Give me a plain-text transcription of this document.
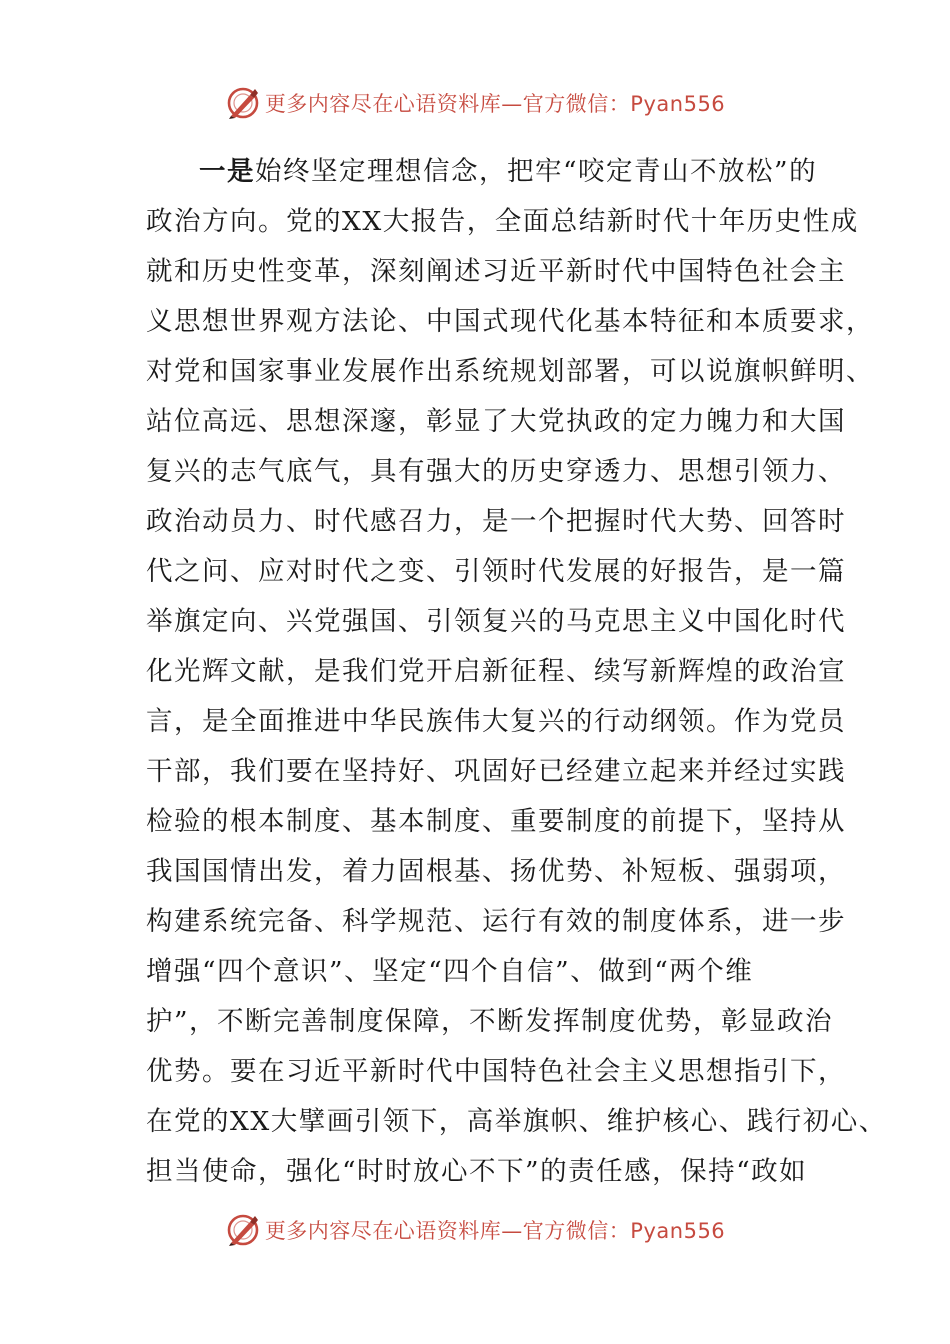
更多内容尽在心语资料库—官方微信：Pyan556
一是始终坚定理想信念，把牢“咬定青山不放松”的
政治方向。党的XX大报告，全面总结新时代十年历史性成
就和历史性变革，深刻阐述习近平新时代中国特色社会主
义思想世界观方法论、中国式现代化基本特征和本质要求，
对党和国家事业发展作出系统规划部署，可以说旗帜鲜明、
站位高远、思想深邃，彰显了大党执政的定力魄力和大国
复兴的志气底气，具有强大的历史穿透力、思想引领力、
政治动员力、时代感召力，是一个把握时代大势、回答时
代之问、应对时代之变、引领时代发展的好报告，是一篇
举旗定向、兴党强国、引领复兴的马克思主义中国化时代
化光辉文献，是我们党开启新征程、续写新辉煌的政治宣
言，是全面推进中华民族伟大复兴的行动纲领。作为党员
干部，我们要在坚持好、巩固好已经建立起来并经过实践
检验的根本制度、基本制度、重要制度的前提下，坚持从
我国国情出发，着力固根基、扬优势、补短板、强弱项，
构建系统完备、科学规范、运行有效的制度体系，进一步
增强“四个意识”、坚定“四个自信”、做到“两个维
护”，不断完善制度保障，不断发挥制度优势，彰显政治
优势。要在习近平新时代中国特色社会主义思想指引下，
在党的XX大擘画引领下，高举旗帜、维护核心、践行初心、
担当使命，强化“时时放心不下”的责任感，保持“政如
更多内容尽在心语资料库—官方微信：Pyan556
